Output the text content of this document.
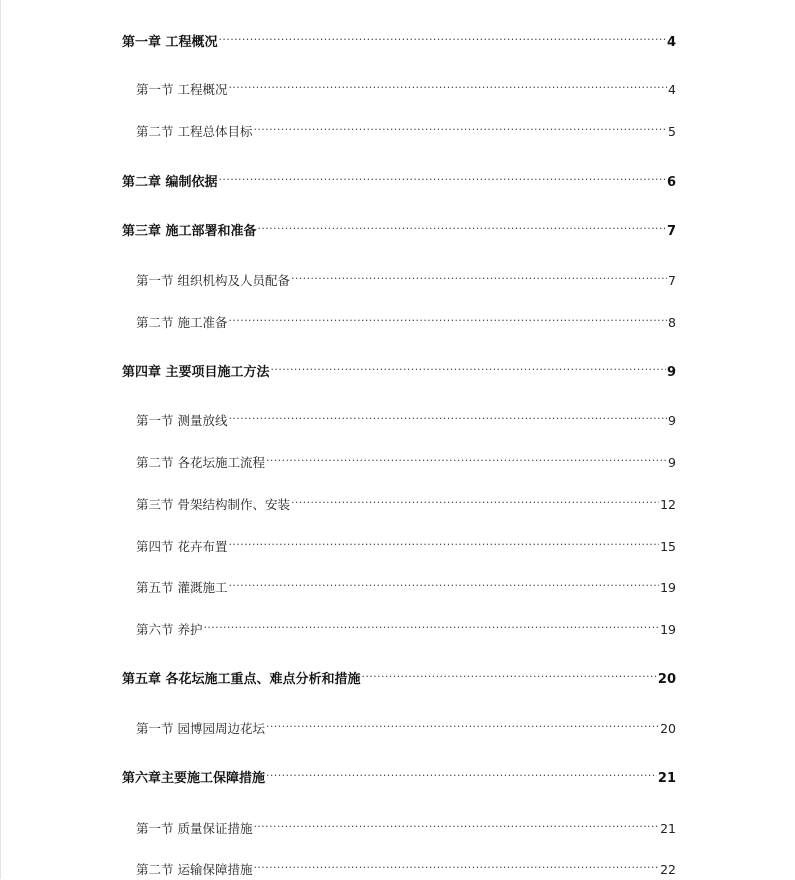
第一章 工程概况 .....	4
第一节 工程概况 .....	4
第二节 工程总体目标 .....	5
第二章 编制依据 .....	6
第三章 施工部署和准备 .....	7
第一节 组织机构及人员配备 .....	7
第二节 施工准备 .....	8
第四章 主要项目施工方法 .....	9
第一节 测量放线 .....	9
第二节 各花坛施工流程 .....	9
第三节 骨架结构制作、安装 .....	12
第四节 花卉布置 .....	15
第五节 灌溉施工 .....	19
第六节 养护 .....	19
第五章 各花坛施工重点、难点分析和措施 .....	20
第一节 园博园周边花坛 .....	20
第六章主要施工保障措施 .....	21
第一节 质量保证措施 .....	21
第二节 运输保障措施 .....	22
